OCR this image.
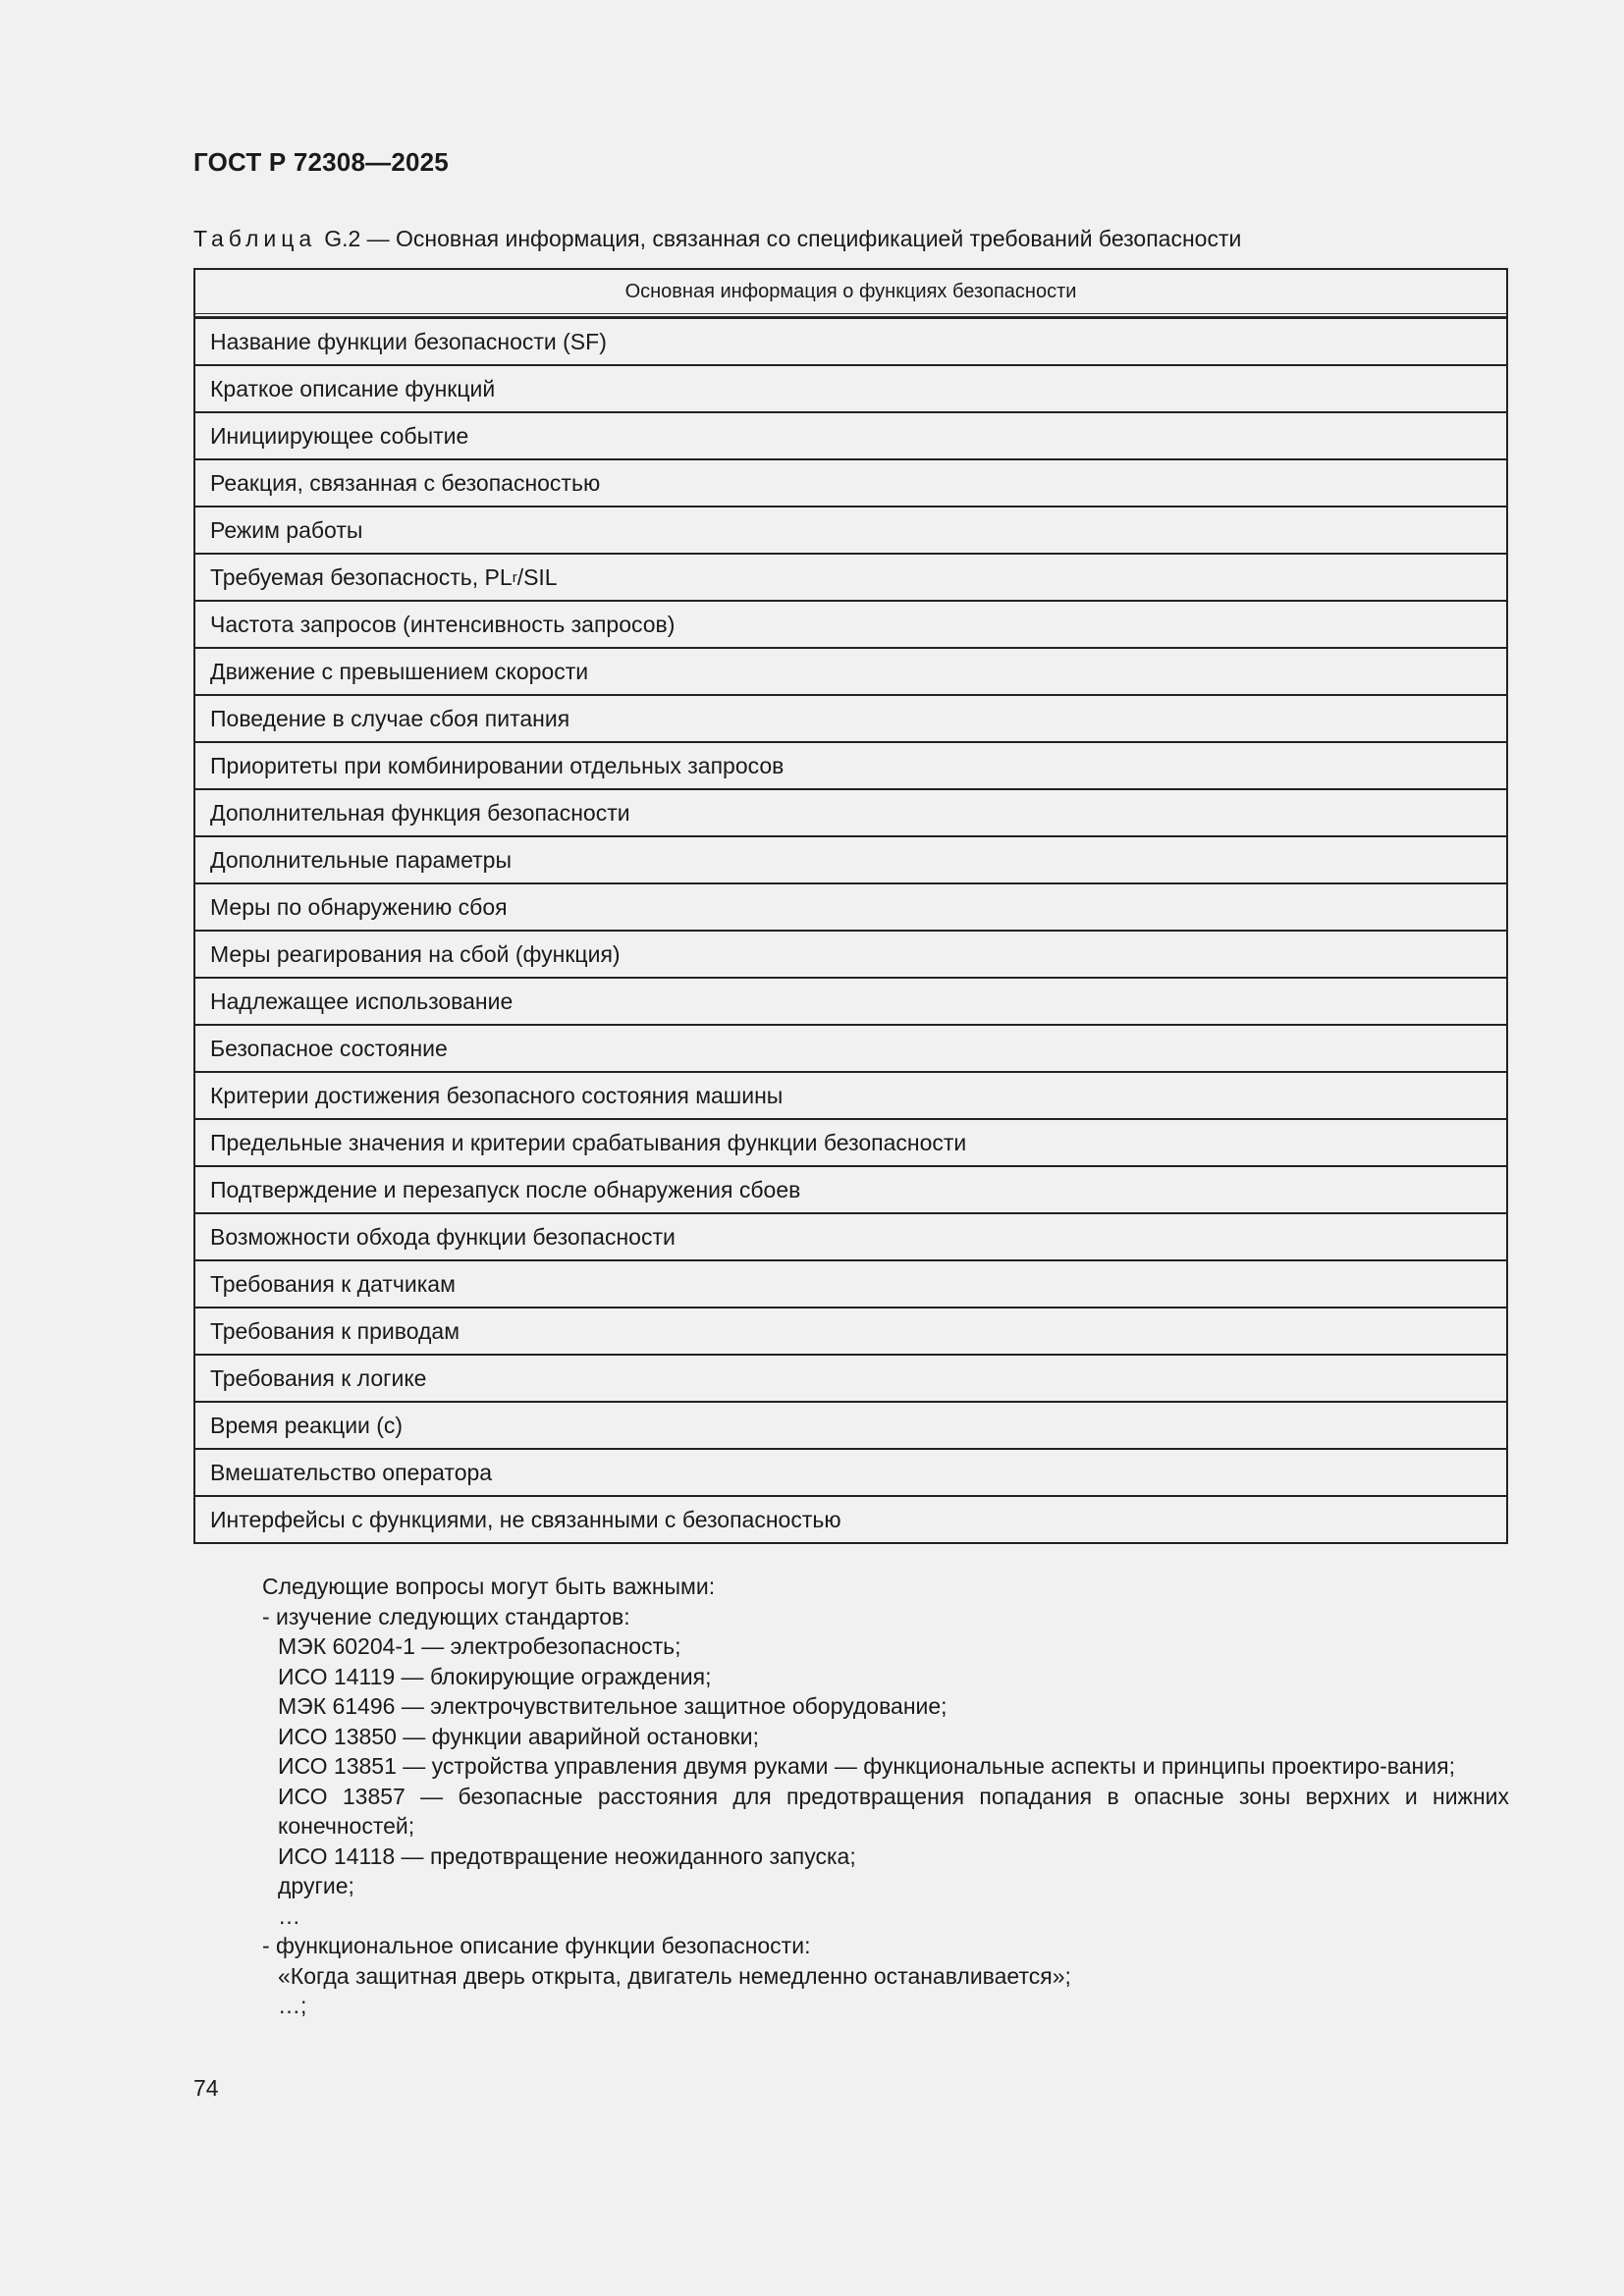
ГОСТ Р 72308—2025
Таблица G.2 — Основная информация, связанная со спецификацией требований безопасности
Основная информация о функциях безопасности
Название функции безопасности (SF)
Краткое описание функций
Инициирующее событие
Реакция, связанная с безопасностью
Режим работы
Требуемая безопасность, PL r /SIL
Частота запросов (интенсивность запросов)
Движение с превышением скорости
Поведение в случае сбоя питания
Приоритеты при комбинировании отдельных запросов
Дополнительная функция безопасности
Дополнительные параметры
Меры по обнаружению сбоя
Меры реагирования на сбой (функция)
Надлежащее использование
Безопасное состояние
Критерии достижения безопасного состояния машины
Предельные значения и критерии срабатывания функции безопасности
Подтверждение и перезапуск после обнаружения сбоев
Возможности обхода функции безопасности
Требования к датчикам
Требования к приводам
Требования к логике
Время реакции (с)
Вмешательство оператора
Интерфейсы с функциями, не связанными с безопасностью
Следующие вопросы могут быть важными:
- изучение следующих стандартов:
МЭК 60204-1 — электробезопасность;
ИСО 14119 — блокирующие ограждения;
МЭК 61496 — электрочувствительное защитное оборудование;
ИСО 13850 — функции аварийной остановки;
ИСО 13851 — устройства управления двумя руками — функциональные аспекты и принципы проектиро-вания;
ИСО 13857 — безопасные расстояния для предотвращения попадания в опасные зоны верхних и нижних конечностей;
ИСО 14118 — предотвращение неожиданного запуска;
другие;
…
- функциональное описание функции безопасности:
«Когда защитная дверь открыта, двигатель немедленно останавливается»;
…;
74
